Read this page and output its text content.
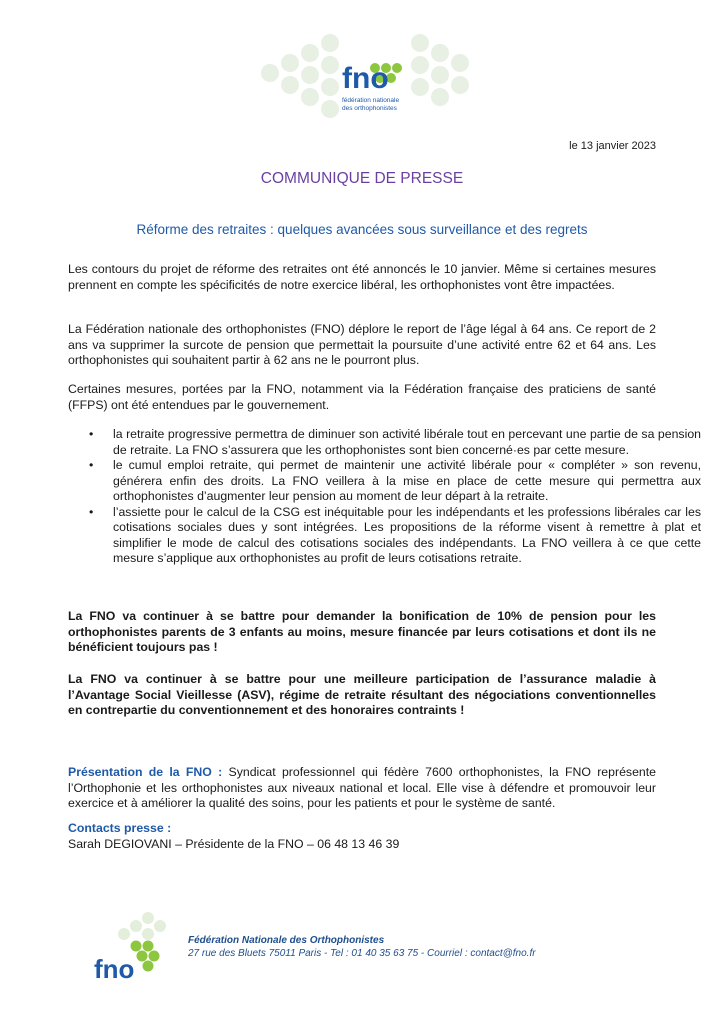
fno
fédération nationale
des orthophonistes
le 13 janvier 2023
COMMUNIQUE DE PRESSE
Réforme des retraites : quelques avancées sous surveillance et des regrets

Les contours du projet de réforme des retraites ont été annoncés le 10 janvier. Même si certaines mesures prennent en compte les spécificités de notre exercice libéral, les orthophonistes vont être impactées.

La Fédération nationale des orthophonistes (FNO) déplore le report de l’âge légal à 64 ans. Ce report de 2 ans va supprimer la surcote de pension que permettait la poursuite d’une activité entre 62 et 64 ans. Les orthophonistes qui souhaitent partir à 62 ans ne le pourront plus.

Certaines mesures, portées par la FNO, notamment via la Fédération française des praticiens de santé (FFPS) ont été entendues par le gouvernement.

• la retraite progressive permettra de diminuer son activité libérale tout en percevant une partie de sa pension de retraite. La FNO s’assurera que les orthophonistes sont bien concerné·es par cette mesure.
• le cumul emploi retraite, qui permet de maintenir une activité libérale pour « compléter » son revenu, générera enfin des droits. La FNO veillera à la mise en place de cette mesure qui permettra aux orthophonistes d’augmenter leur pension au moment de leur départ à la retraite.
• l’assiette pour le calcul de la CSG est inéquitable pour les indépendants et les professions libérales car les cotisations sociales dues y sont intégrées. Les propositions de la réforme visent à remettre à plat et simplifier le mode de calcul des cotisations sociales des indépendants. La FNO veillera à ce que cette mesure s’applique aux orthophonistes au profit de leurs cotisations retraite.

La FNO va continuer à se battre pour demander la bonification de 10% de pension pour les orthophonistes parents de 3 enfants au moins, mesure financée par leurs cotisations et dont ils ne bénéficient toujours pas !

La FNO va continuer à se battre pour une meilleure participation de l’assurance maladie à l’Avantage Social Vieillesse (ASV), régime de retraite résultant des négociations conventionnelles en contrepartie du conventionnement et des honoraires contraints !

Présentation de la FNO : Syndicat professionnel qui fédère 7600 orthophonistes, la FNO représente l’Orthophonie et les orthophonistes aux niveaux national et local. Elle vise à défendre et promouvoir leur exercice et à améliorer la qualité des soins, pour les patients et pour le système de santé.

Contacts presse :
Sarah DEGIOVANI – Présidente de la FNO – 06 48 13 46 39
fno
Fédération Nationale des Orthophonistes
27 rue des Bluets 75011 Paris - Tel : 01 40 35 63 75 - Courriel : contact@fno.fr
